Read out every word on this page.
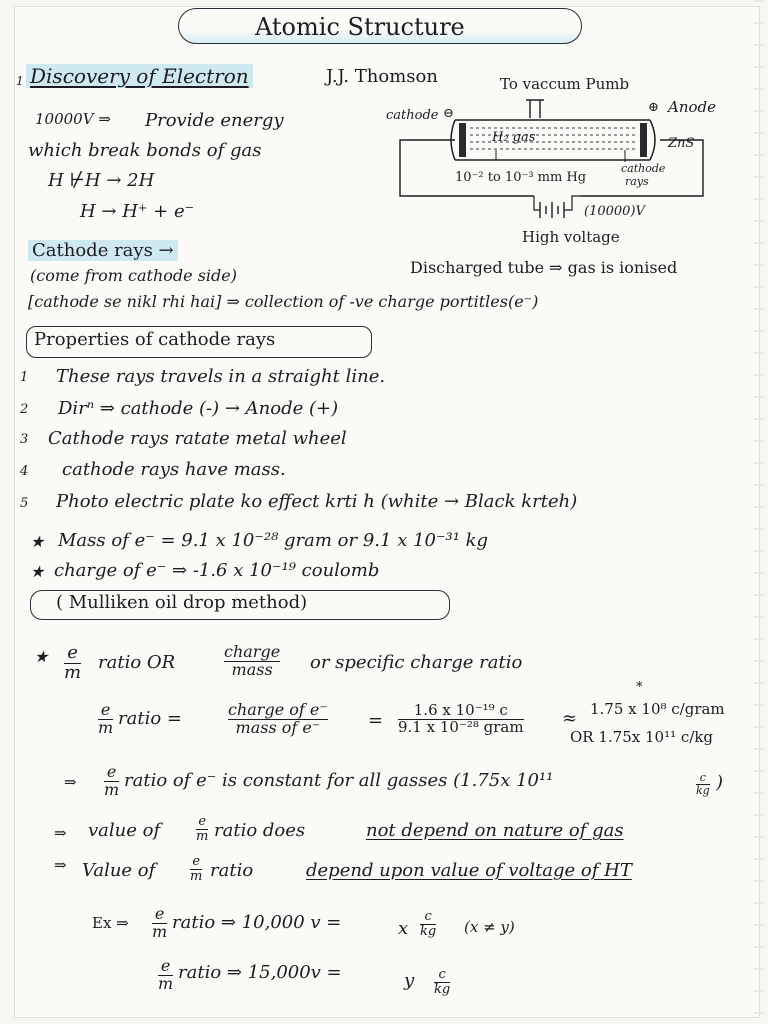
Atomic Structure
1 Discovery of Electron	J.J. Thomson
10000V ⇒ Provide energy
which break bonds of gas
H ⊬H → 2H
H → H⁺ + e⁻
To vaccum Pumb
cathode ⊖	⊕ Anode
H₂ gas	ZnS
10⁻² to 10⁻³ mm Hg
cathode
rays
(10000)V
High voltage
Cathode rays →
(come from cathode side)	Discharged tube ⇒ gas is ionised
[cathode se nikl rhi hai] ⇒ collection of -ve charge portitles(e⁻)
Properties of cathode rays
1 These rays travels in a straight line.
2 Dirⁿ ⇒ cathode (-) → Anode (+)
3 Cathode rays ratate metal wheel
4 cathode rays have mass.
5 Photo electric plate ko effect krti h (white → Black krteh)
★ Mass of e⁻ = 9.1 x 10⁻²⁸ gram or 9.1 x 10⁻³¹ kg
★ charge of e⁻ ⇒ -1.6 x 10⁻¹⁹ coulomb
( Mulliken oil drop method)
★ e
m ratio OR
charge
mass or specific charge ratio
e
m ratio =	charge of e⁻
mass of e⁻	= 1.6 x 10⁻¹⁹ c
9.1 x 10⁻²⁸ gram ≈
*
1.75 x 10⁸ c/gram
OR 1.75x 10¹¹ c/kg
⇒
e
m ratio of e⁻ is constant for all gasses (1.75x 10¹¹	c
kg )
⇒ value of	e
m ratio does	not depend on nature of gas
⇒ Value of	e
m ratio	depend upon value of voltage of HT
Ex ⇒ e
m ratio ⇒ 10,000 v =	x
c
kg (x ≠ y)
e
m
ratio ⇒ 15,000v =	y c
kg
